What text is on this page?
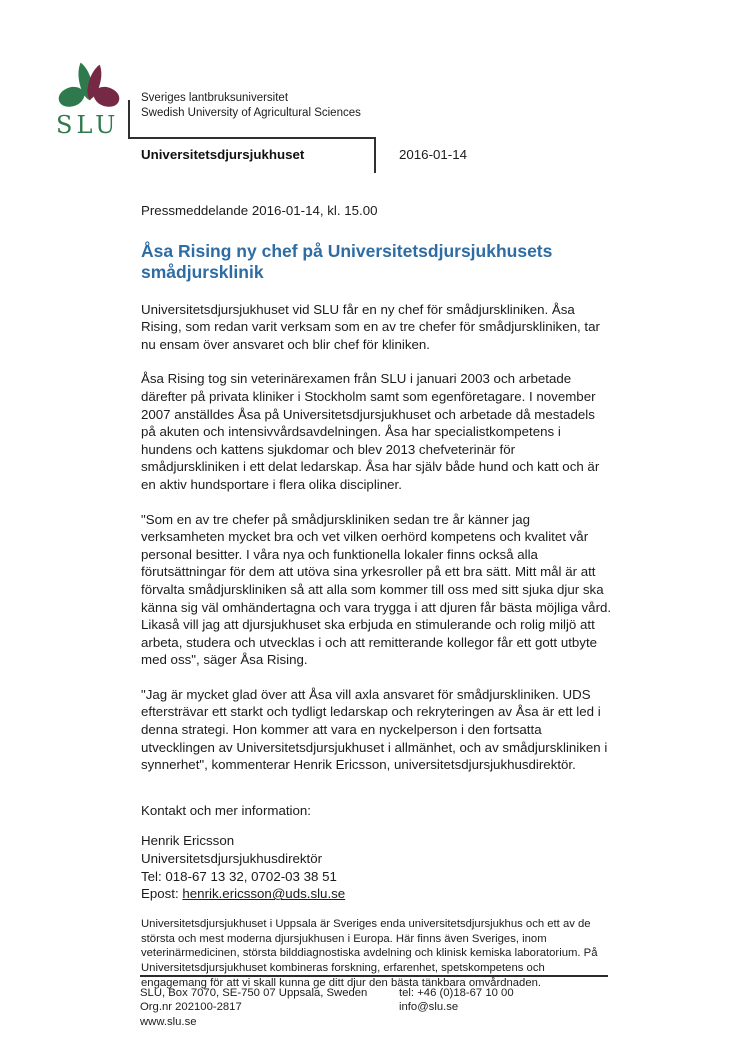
SLU
Sveriges lantbruksuniversitet
Swedish University of Agricultural Sciences
Universitetsdjursjukhuset	2016-01-14
Pressmeddelande 2016-01-14, kl. 15.00
Åsa Rising ny chef på Universitetsdjursjukhusets smådjursklinik

Universitetsdjursjukhuset vid SLU får en ny chef för smådjurskliniken. Åsa Rising, som redan varit verksam som en av tre chefer för smådjurskliniken, tar nu ensam över ansvaret och blir chef för kliniken.

Åsa Rising tog sin veterinärexamen från SLU i januari 2003 och arbetade därefter på privata kliniker i Stockholm samt som egenföretagare. I november 2007 anställdes Åsa på Universitetsdjursjukhuset och arbetade då mestadels på akuten och intensivvårdsavdelningen. Åsa har specialistkompetens i hundens och kattens sjukdomar och blev 2013 chefveterinär för smådjurskliniken i ett delat ledarskap. Åsa har själv både hund och katt och är en aktiv hundsportare i flera olika discipliner.

"Som en av tre chefer på smådjurskliniken sedan tre år känner jag verksamheten mycket bra och vet vilken oerhörd kompetens och kvalitet vår personal besitter. I våra nya och funktionella lokaler finns också alla förutsättningar för dem att utöva sina yrkesroller på ett bra sätt. Mitt mål är att förvalta smådjurskliniken så att alla som kommer till oss med sitt sjuka djur ska känna sig väl omhändertagna och vara trygga i att djuren får bästa möjliga vård. Likaså vill jag att djursjukhuset ska erbjuda en stimulerande och rolig miljö att arbeta, studera och utvecklas i och att remitterande kollegor får ett gott utbyte med oss", säger Åsa Rising.

"Jag är mycket glad över att Åsa vill axla ansvaret för smådjurskliniken. UDS eftersträvar ett starkt och tydligt ledarskap och rekryteringen av Åsa är ett led i denna strategi. Hon kommer att vara en nyckelperson i den fortsatta utvecklingen av Universitetsdjursjukhuset i allmänhet, och av smådjurskliniken i synnerhet", kommenterar Henrik Ericsson, universitetsdjursjukhusdirektör.

Kontakt och mer information:
Henrik Ericsson
Universitetsdjursjukhusdirektör
Tel: 018-67 13 32, 0702-03 38 51
Epost: henrik.ericsson@uds.slu.se

Universitetsdjursjukhuset i Uppsala är Sveriges enda universitetsdjursjukhus och ett av de största och mest moderna djursjukhusen i Europa. Här finns även Sveriges, inom veterinärmedicinen, största bilddiagnostiska avdelning och klinisk kemiska laboratorium. På Universitetsdjursjukhuset kombineras forskning, erfarenhet, spetskompetens och engagemang för att vi skall kunna ge ditt djur den bästa tänkbara omvårdnaden.

SLU, Box 7070, SE-750 07 Uppsala, Sweden
Org.nr 202100-2817
www.slu.se
tel: +46 (0)18-67 10 00
info@slu.se
